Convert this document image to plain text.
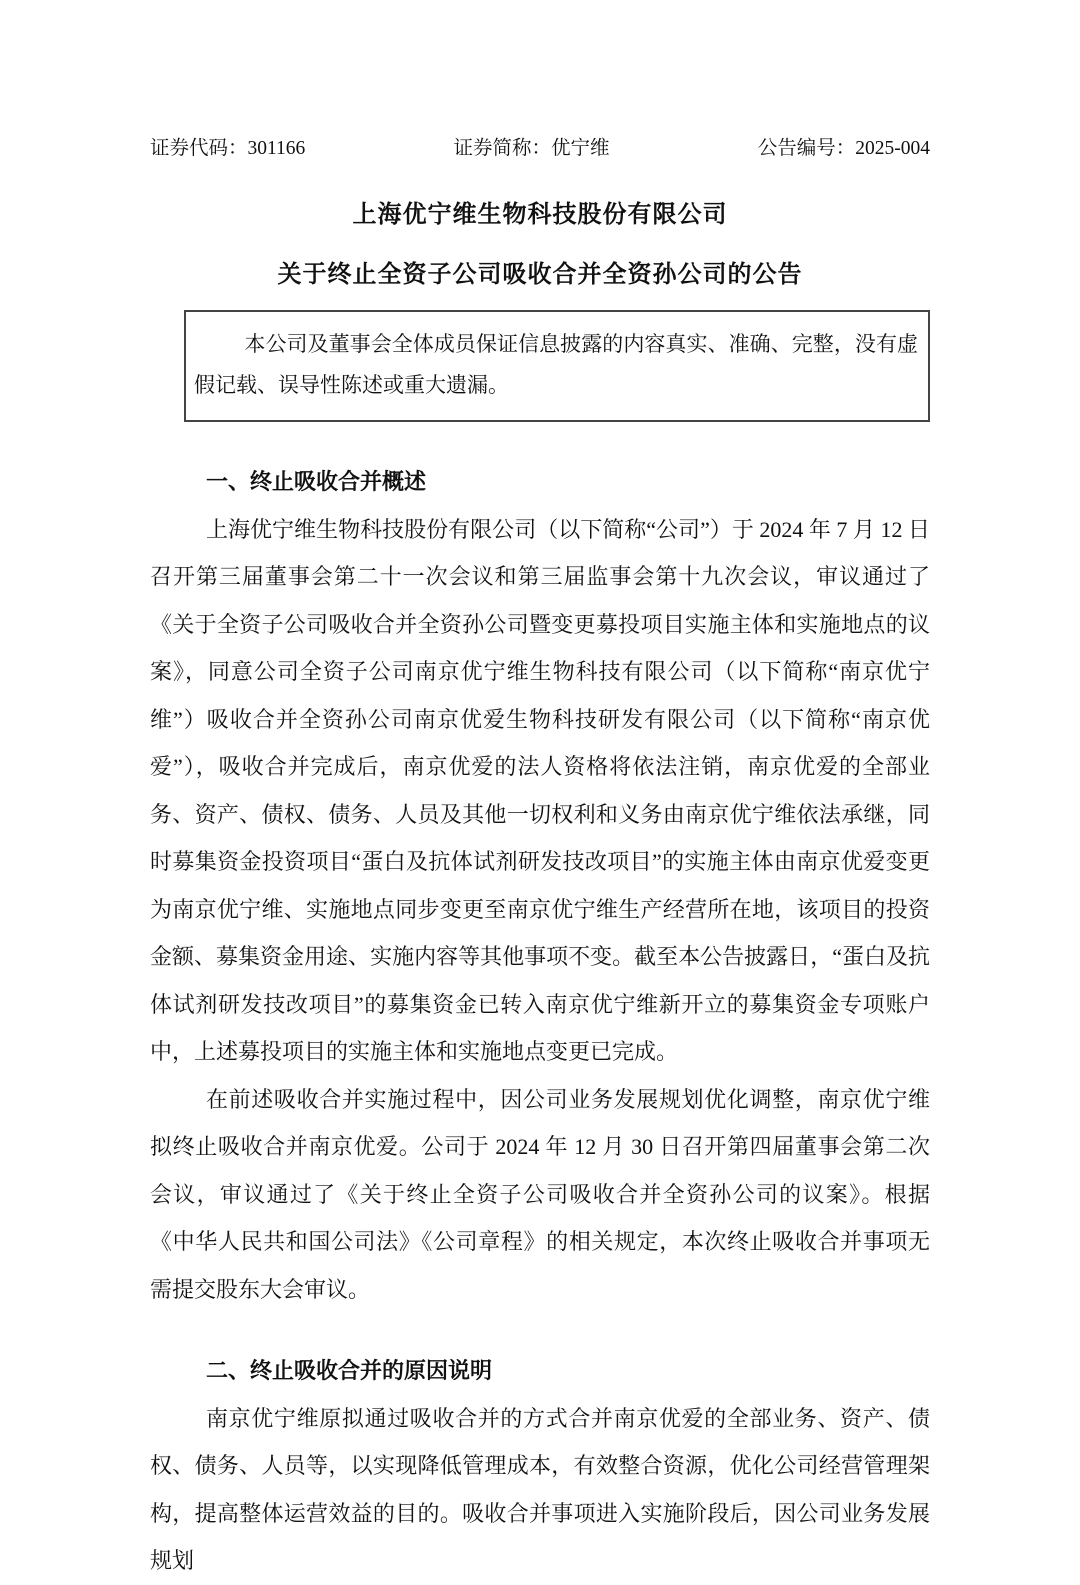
证券代码：301166	证券简称：优宁维	公告编号：2025-004
上海优宁维生物科技股份有限公司
关于终止全资子公司吸收合并全资孙公司的公告

本公司及董事会全体成员保证信息披露的内容真实、准确、完整，没有虚假记载、误导性陈述或重大遗漏。

一、终止吸收合并概述

上海优宁维生物科技股份有限公司（以下简称“公司”）于 2024 年 7 月 12 日召开第三届董事会第二十一次会议和第三届监事会第十九次会议，审议通过了《关于全资子公司吸收合并全资孙公司暨变更募投项目实施主体和实施地点的议案》，同意公司全资子公司南京优宁维生物科技有限公司（以下简称“南京优宁维”）吸收合并全资孙公司南京优爱生物科技研发有限公司（以下简称“南京优爱”），吸收合并完成后，南京优爱的法人资格将依法注销，南京优爱的全部业务、资产、债权、债务、人员及其他一切权利和义务由南京优宁维依法承继，同时募集资金投资项目“蛋白及抗体试剂研发技改项目”的实施主体由南京优爱变更为南京优宁维、实施地点同步变更至南京优宁维生产经营所在地，该项目的投资金额、募集资金用途、实施内容等其他事项不变。截至本公告披露日，“蛋白及抗体试剂研发技改项目”的募集资金已转入南京优宁维新开立的募集资金专项账户中，上述募投项目的实施主体和实施地点变更已完成。

在前述吸收合并实施过程中，因公司业务发展规划优化调整，南京优宁维拟终止吸收合并南京优爱。公司于 2024 年 12 月 30 日召开第四届董事会第二次会议，审议通过了《关于终止全资子公司吸收合并全资孙公司的议案》。根据《中华人民共和国公司法》《公司章程》的相关规定，本次终止吸收合并事项无需提交股东大会审议。

二、终止吸收合并的原因说明

南京优宁维原拟通过吸收合并的方式合并南京优爱的全部业务、资产、债权、债务、人员等，以实现降低管理成本，有效整合资源，优化公司经营管理架构，提高整体运营效益的目的。吸收合并事项进入实施阶段后，因公司业务发展规划
